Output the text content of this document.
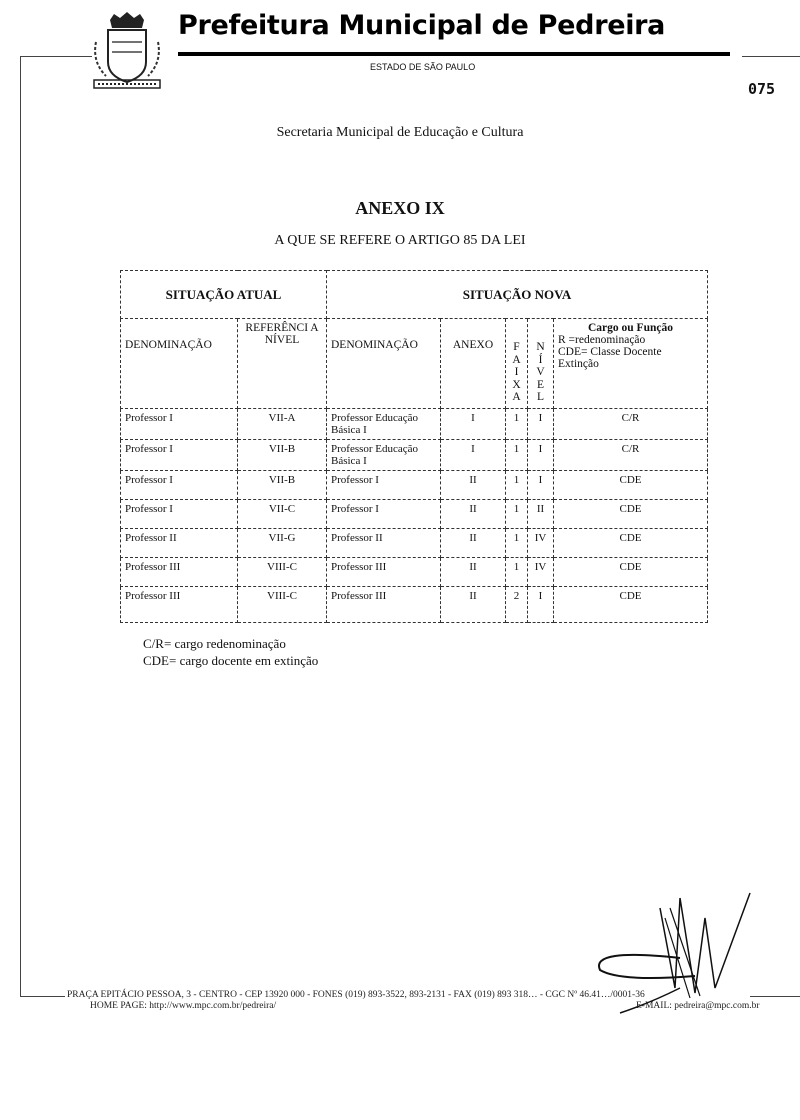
Prefeitura Municipal de Pedreira
ESTADO DE SÃO PAULO
075
Secretaria Municipal de Educação e Cultura
ANEXO IX
A QUE SE REFERE O ARTIGO 85 DA LEI
SITUAÇÃO ATUAL		SITUAÇÃO NOVA				
DENOMINAÇÃO	REFERÊNCI A NÍVEL	DENOMINAÇÃO	ANEXO	FAIXA	NÍVEL	Cargo ou Função
R =redenominação
CDE= Classe Docente
Extinção

Professor I	VII-A	Professor Educação Básica I	I	1	I	C/R
Professor I	VII-B	Professor Educação Básica I	I	1	I	C/R
Professor I	VII-B	Professor I	II	1	I	CDE
Professor I	VII-C	Professor I	II	1	II	CDE
Professor II	VII-G	Professor II	II	1	IV	CDE
Professor III	VIII-C	Professor III	II	1	IV	CDE
Professor III	VIII-C	Professor III	II	2	I	CDE
C/R= cargo redenominação
CDE= cargo docente em extinção
PRAÇA EPITÁCIO PESSOA, 3 - CENTRO - CEP 13920 000 - FONES (019) 893-3522, 893-2131 - FAX (019) 893 318… - CGC Nº 46.41…/0001-36
HOME PAGE: http://www.mpc.com.br/pedreira/	E-MAIL: pedreira@mpc.com.br
